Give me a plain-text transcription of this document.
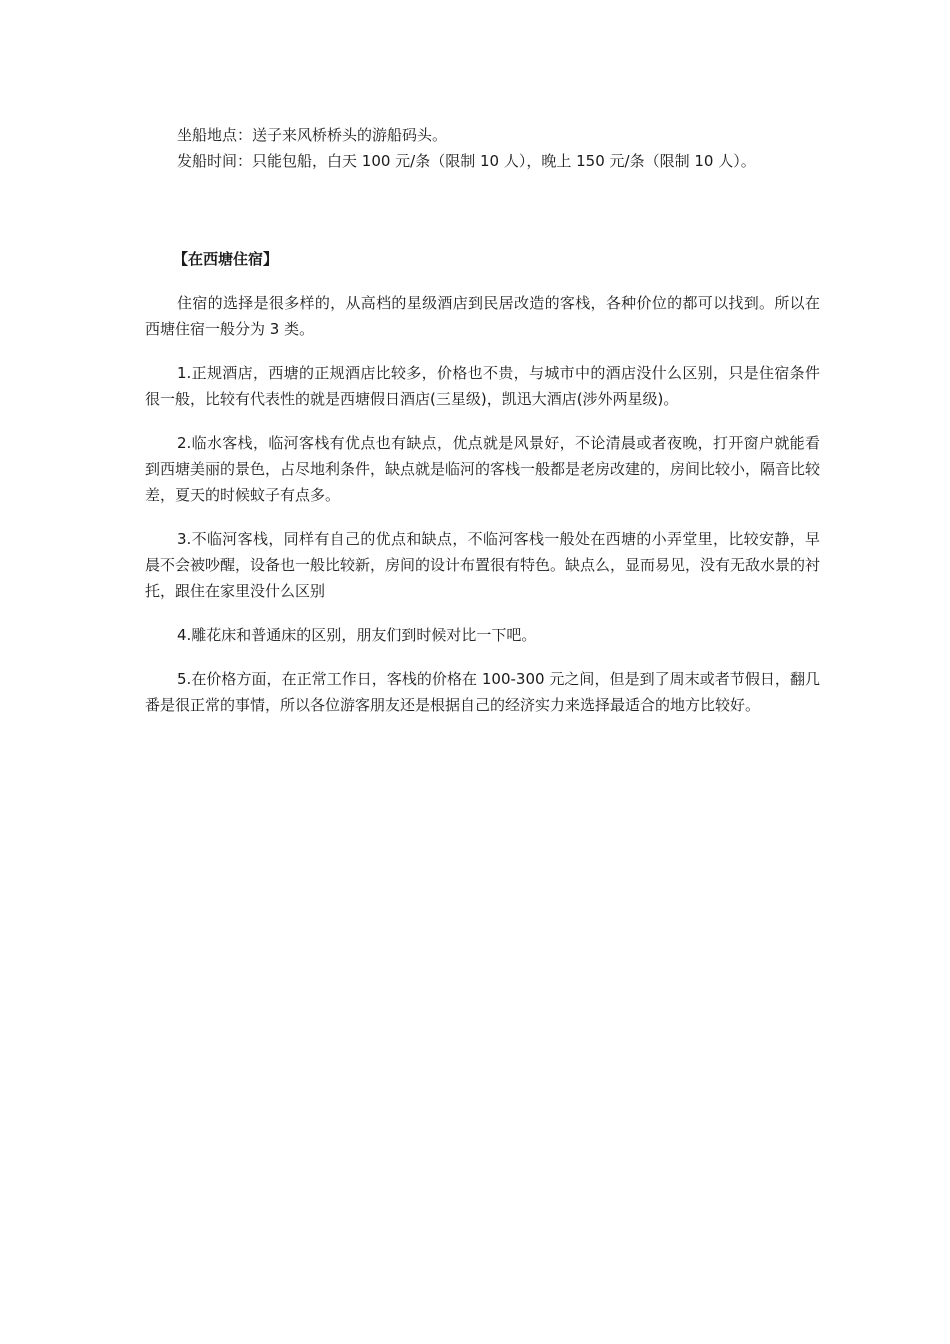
坐船地点：送子来风桥桥头的游船码头。

发船时间：只能包船，白天 100 元/条（限制 10 人），晚上 150 元/条（限制 10 人）。

【在西塘住宿】

住宿的选择是很多样的，从高档的星级酒店到民居改造的客栈，各种价位的都可以找到。所以在西塘住宿一般分为 3 类。

1.正规酒店，西塘的正规酒店比较多，价格也不贵，与城市中的酒店没什么区别，只是住宿条件很一般，比较有代表性的就是西塘假日酒店(三星级)，凯迅大酒店(涉外两星级)。

2.临水客栈，临河客栈有优点也有缺点，优点就是风景好，不论清晨或者夜晚，打开窗户就能看到西塘美丽的景色，占尽地利条件，缺点就是临河的客栈一般都是老房改建的，房间比较小，隔音比较差，夏天的时候蚊子有点多。

3.不临河客栈，同样有自己的优点和缺点，不临河客栈一般处在西塘的小弄堂里，比较安静，早晨不会被吵醒，设备也一般比较新，房间的设计布置很有特色。缺点么，显而易见，没有无敌水景的衬托，跟住在家里没什么区别

4.雕花床和普通床的区别，朋友们到时候对比一下吧。

5.在价格方面，在正常工作日，客栈的价格在 100-300 元之间，但是到了周末或者节假日，翻几番是很正常的事情，所以各位游客朋友还是根据自己的经济实力来选择最适合的地方比较好。
